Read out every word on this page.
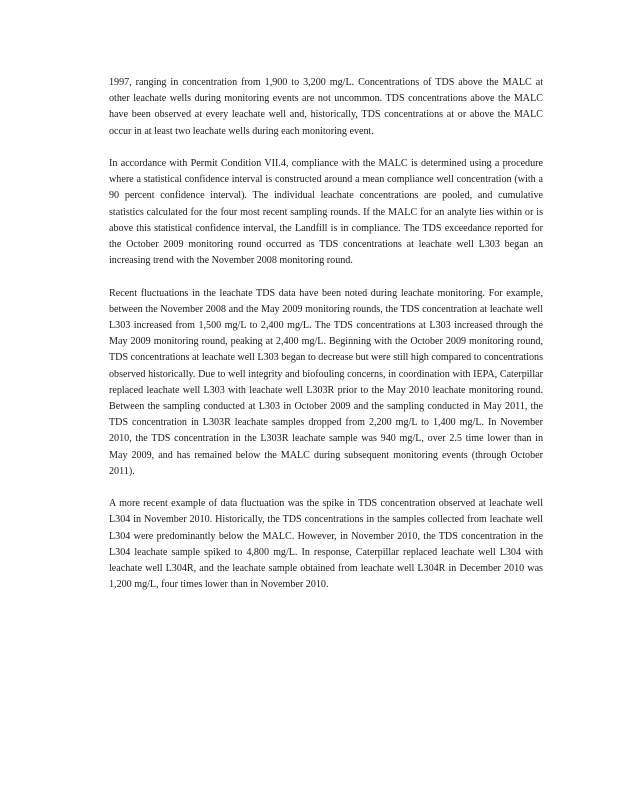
1997, ranging in concentration from 1,900 to 3,200 mg/L. Concentrations of TDS above the MALC at other leachate wells during monitoring events are not uncommon. TDS concentrations above the MALC have been observed at every leachate well and, historically, TDS concentrations at or above the MALC occur in at least two leachate wells during each monitoring event.

In accordance with Permit Condition VII.4, compliance with the MALC is determined using a procedure where a statistical confidence interval is constructed around a mean compliance well concentration (with a 90 percent confidence interval). The individual leachate concentrations are pooled, and cumulative statistics calculated for the four most recent sampling rounds. If the MALC for an analyte lies within or is above this statistical confidence interval, the Landfill is in compliance. The TDS exceedance reported for the October 2009 monitoring round occurred as TDS concentrations at leachate well L303 began an increasing trend with the November 2008 monitoring round.

Recent fluctuations in the leachate TDS data have been noted during leachate monitoring. For example, between the November 2008 and the May 2009 monitoring rounds, the TDS concentration at leachate well L303 increased from 1,500 mg/L to 2,400 mg/L. The TDS concentrations at L303 increased through the May 2009 monitoring round, peaking at 2,400 mg/L. Beginning with the October 2009 monitoring round, TDS concentrations at leachate well L303 began to decrease but were still high compared to concentrations observed historically. Due to well integrity and biofouling concerns, in coordination with IEPA, Caterpillar replaced leachate well L303 with leachate well L303R prior to the May 2010 leachate monitoring round. Between the sampling conducted at L303 in October 2009 and the sampling conducted in May 2011, the TDS concentration in L303R leachate samples dropped from 2,200 mg/L to 1,400 mg/L. In November 2010, the TDS concentration in the L303R leachate sample was 940 mg/L, over 2.5 time lower than in May 2009, and has remained below the MALC during subsequent monitoring events (through October 2011).

A more recent example of data fluctuation was the spike in TDS concentration observed at leachate well L304 in November 2010. Historically, the TDS concentrations in the samples collected from leachate well L304 were predominantly below the MALC. However, in November 2010, the TDS concentration in the L304 leachate sample spiked to 4,800 mg/L. In response, Caterpillar replaced leachate well L304 with leachate well L304R, and the leachate sample obtained from leachate well L304R in December 2010 was 1,200 mg/L, four times lower than in November 2010.
